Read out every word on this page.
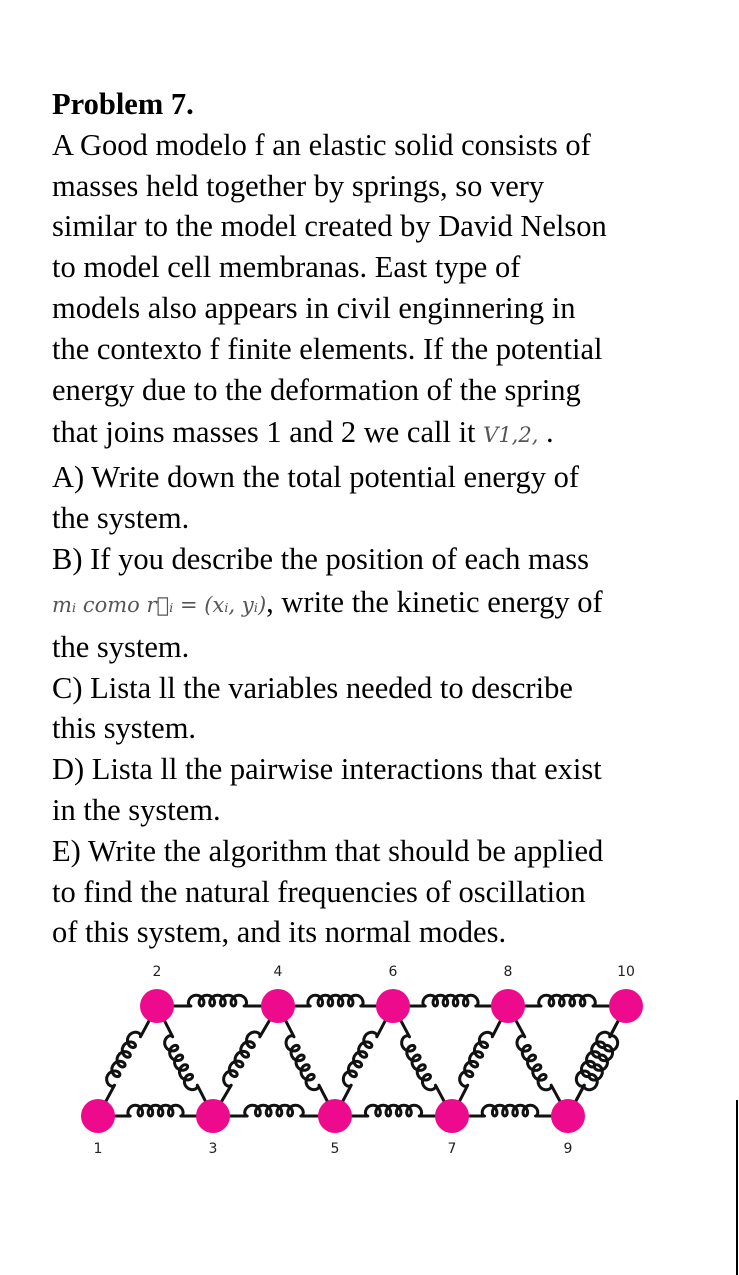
Problem 7.
A Good modelo f an elastic solid consists of
masses held together by springs, so very
similar to the model created by David Nelson
to model cell membranas. East type of
models also appears in civil enginnering in
the contexto f finite elements. If the potential
energy due to the deformation of the spring
that joins masses 1 and 2 we call it V1,2, .
A) Write down the total potential energy of
the system.
B) If you describe the position of each mass
mᵢ como r⃗ᵢ = (xᵢ, yᵢ), write the kinetic energy of
the system.
C) Lista ll the variables needed to describe
this system.
D) Lista ll the pairwise interactions that exist
in the system.
E) Write the algorithm that should be applied
to find the natural frequencies of oscillation
of this system, and its normal modes.
2	4	6	8	10
1	3	5	7	9
